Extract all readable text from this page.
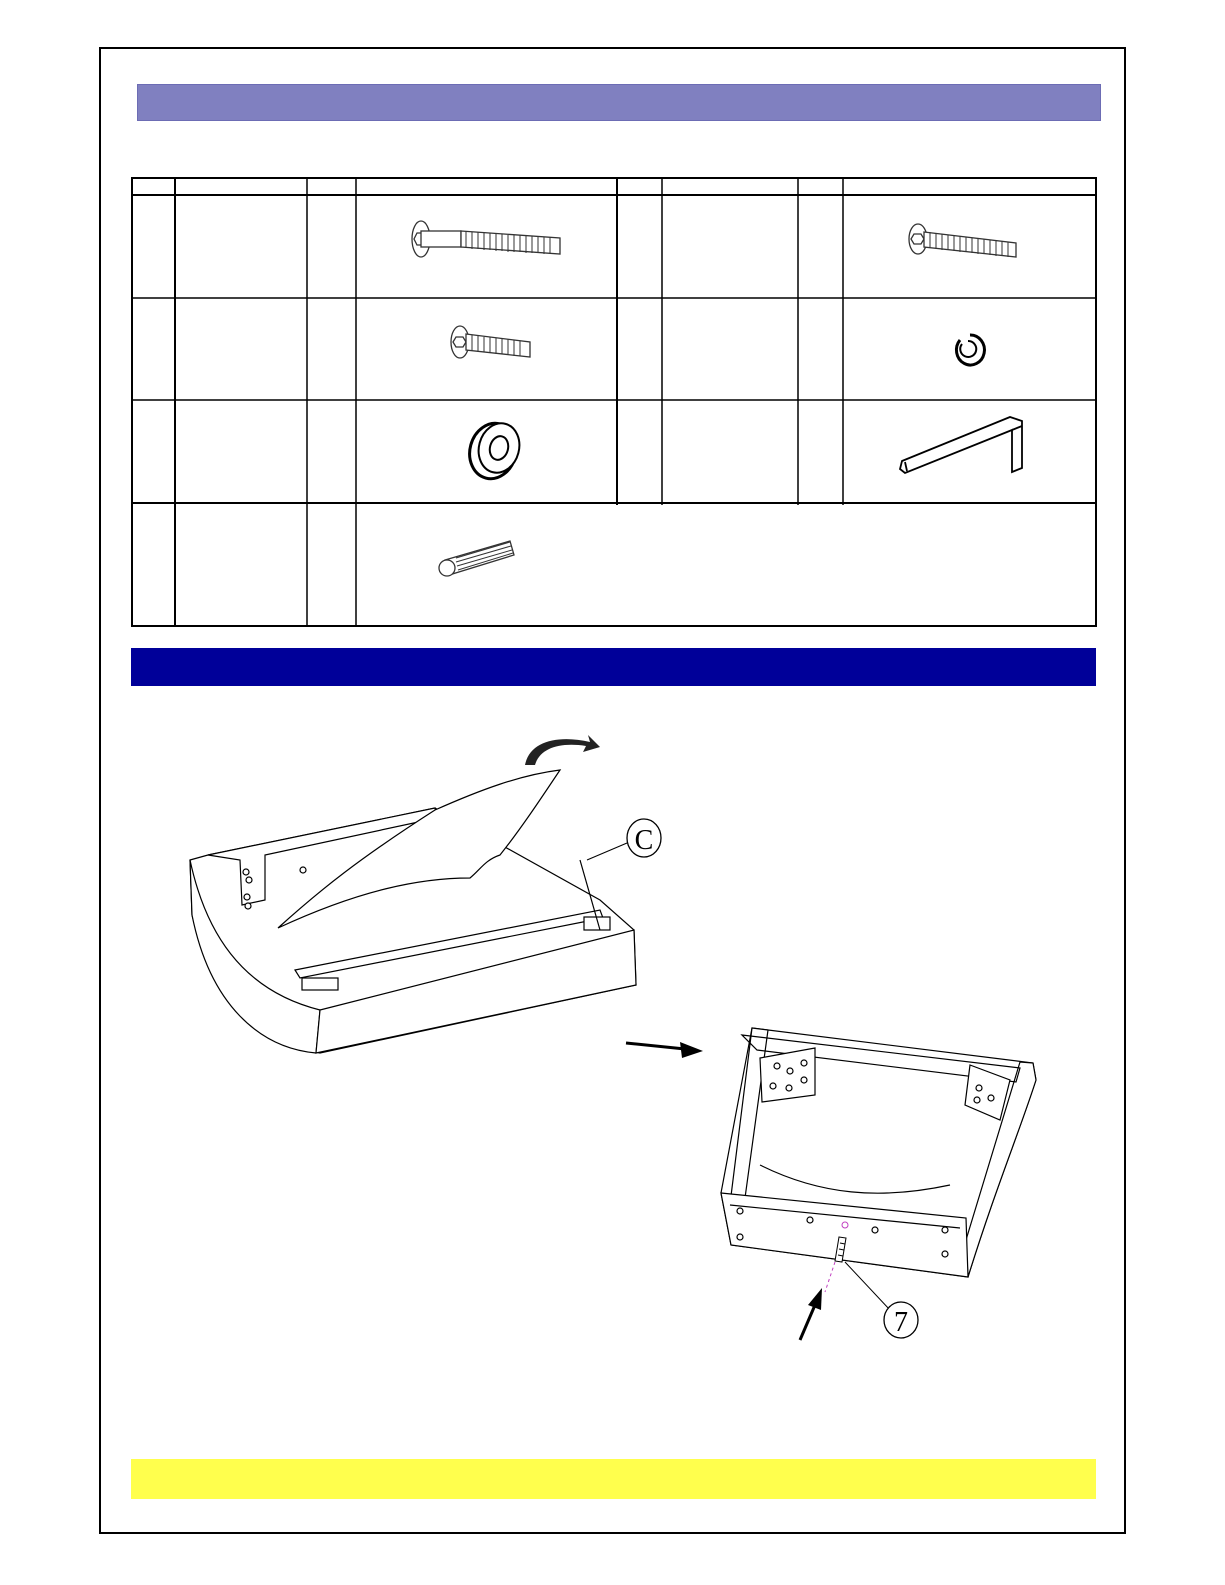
C
7
